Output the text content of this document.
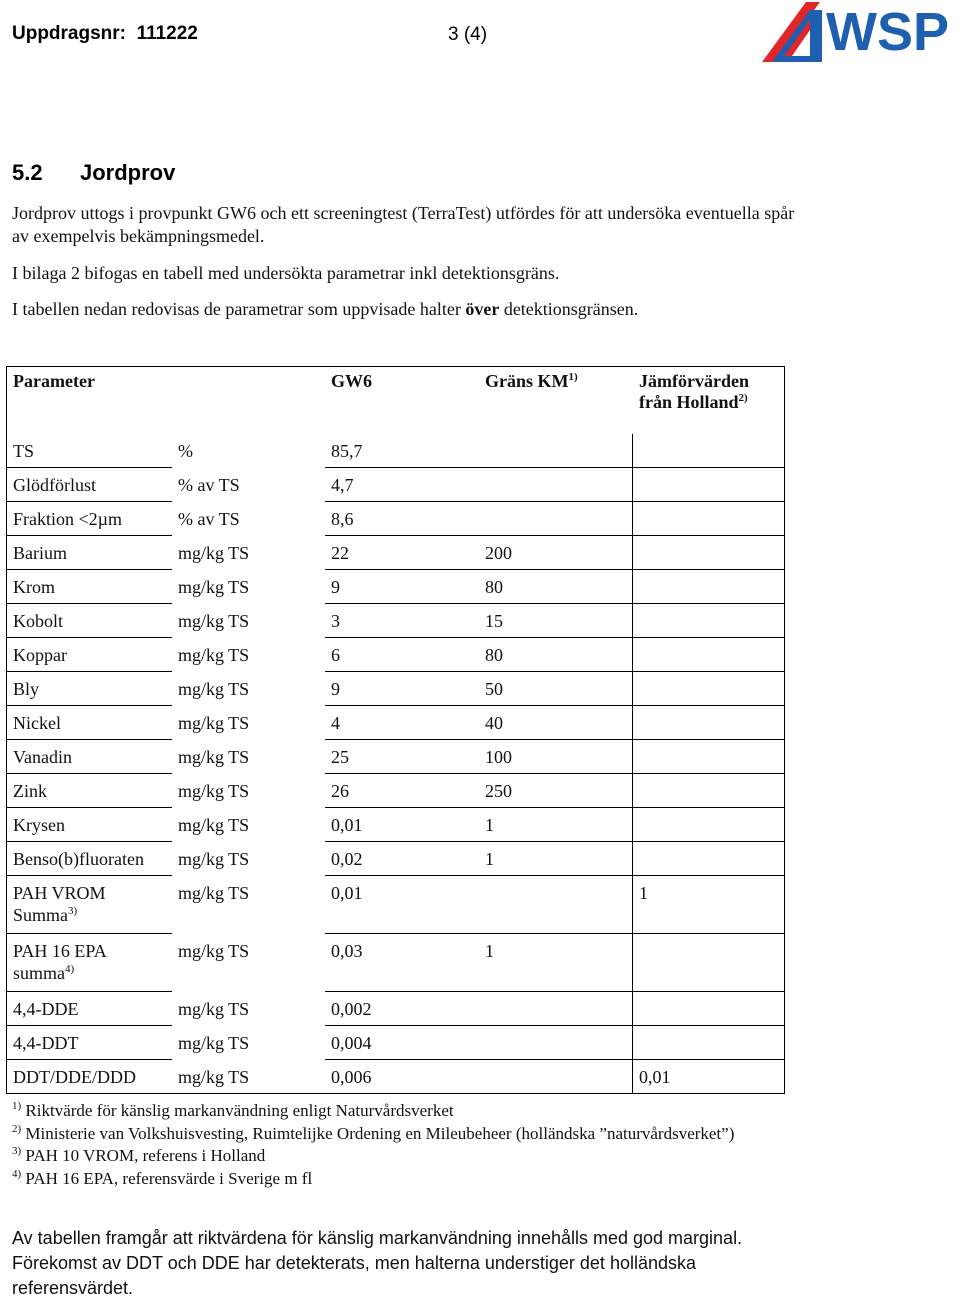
Uppdragsnr: 111222	3 (4)	WSP
5.2 Jordprov
Jordprov uttogs i provpunkt GW6 och ett screeningtest (TerraTest) utfördes för att undersöka eventuella spår av exempelvis bekämpningsmedel.
I bilaga 2 bifogas en tabell med undersökta parametrar inkl detektionsgräns.
I tabellen nedan redovisas de parametrar som uppvisade halter över detektionsgränsen.
Parameter		GW6	Gräns KM$^{1)}$	Jämförvärden från Holland$^{2)}$
TS	%	85,7		
Glödförlust	% av TS	4,7		
Fraktion <2µm	% av TS	8,6		
Barium	mg/kg TS	22	200	
Krom	mg/kg TS	9	80	
Kobolt	mg/kg TS	3	15	
Koppar	mg/kg TS	6	80	
Bly	mg/kg TS	9	50	
Nickel	mg/kg TS	4	40	
Vanadin	mg/kg TS	25	100	
Zink	mg/kg TS	26	250	
Krysen	mg/kg TS	0,01	1	
Benso(b)fluoraten	mg/kg TS	0,02	1	
PAH VROM Summa$^{3)}$	mg/kg TS	0,01		1
PAH 16 EPA summa$^{4)}$	mg/kg TS	0,03	1	
4,4-DDE	mg/kg TS	0,002		
4,4-DDT	mg/kg TS	0,004		
DDT/DDE/DDD	mg/kg TS	0,006		0,01
$^{1)}$ Riktvärde för känslig markanvändning enligt Naturvårdsverket
$^{2)}$ Ministerie van Volkshuisvesting, Ruimtelijke Ordening en Mileubeheer (holländska ”naturvårdsverket”)
$^{3)}$ PAH 10 VROM, referens i Holland
$^{4)}$ PAH 16 EPA, referensvärde i Sverige m fl
Av tabellen framgår att riktvärdena för känslig markanvändning innehålls med god marginal. Förekomst av DDT och DDE har detekterats, men halterna understiger det holländska referensvärdet.
